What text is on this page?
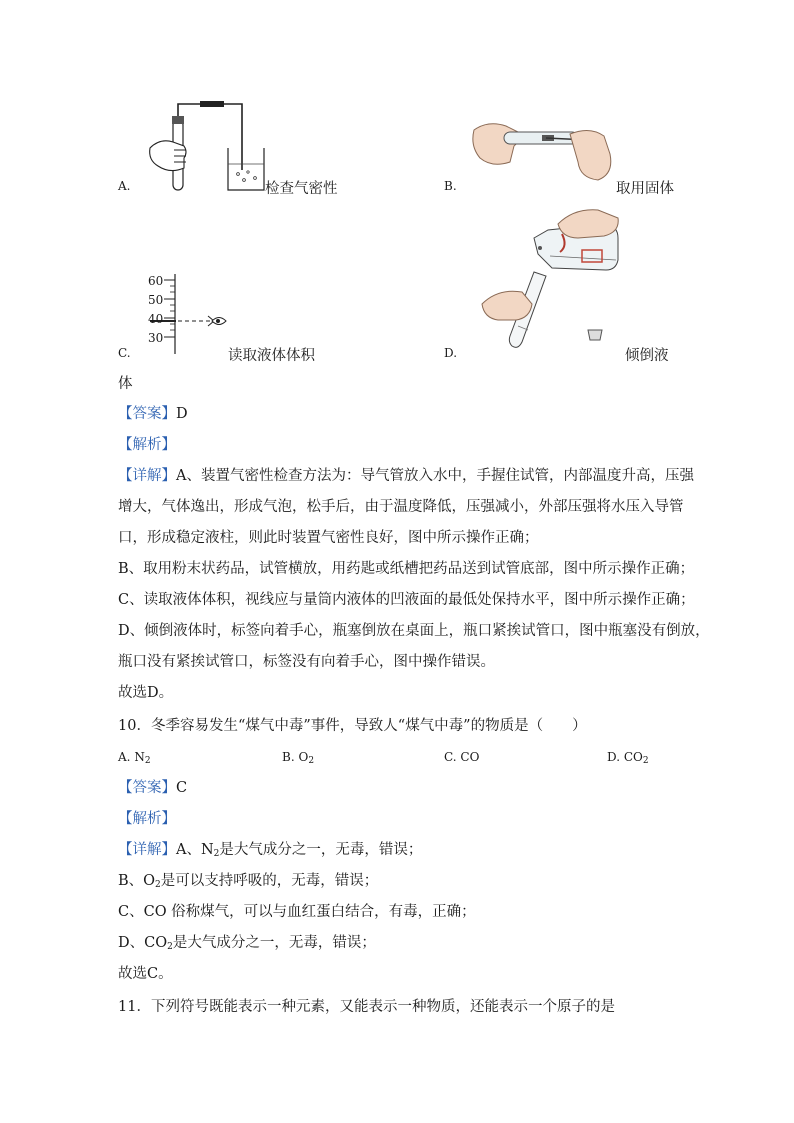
A.	检查气密性	B.	取用固体
60
50
40
30
C.	读取液体体积	D.	倾倒液
体
【答案】D
【解析】
【详解】A、装置气密性检查方法为：导气管放入水中，手握住试管，内部温度升高，压强
增大，气体逸出，形成气泡，松手后，由于温度降低，压强减小，外部压强将水压入导管
口，形成稳定液柱，则此时装置气密性良好，图中所示操作正确；
B、取用粉末状药品，试管横放，用药匙或纸槽把药品送到试管底部，图中所示操作正确；
C、读取液体体积，视线应与量筒内液体的凹液面的最低处保持水平，图中所示操作正确；
D、倾倒液体时，标签向着手心，瓶塞倒放在桌面上，瓶口紧挨试管口，图中瓶塞没有倒放，
瓶口没有紧挨试管口，标签没有向着手心，图中操作错误。
故选D。
10．冬季容易发生“煤气中毒”事件，导致人“煤气中毒”的物质是（　　）
A. $N_2$	B. $O_2$	C. CO	D. $CO_2$
【答案】C
【解析】
【详解】A、$N_2$是大气成分之一，无毒，错误；
B、$O_2$是可以支持呼吸的，无毒，错误；
C、CO 俗称煤气，可以与血红蛋白结合，有毒，正确；
D、$CO_2$是大气成分之一，无毒，错误；
故选C。
11．下列符号既能表示一种元素，又能表示一种物质，还能表示一个原子的是
